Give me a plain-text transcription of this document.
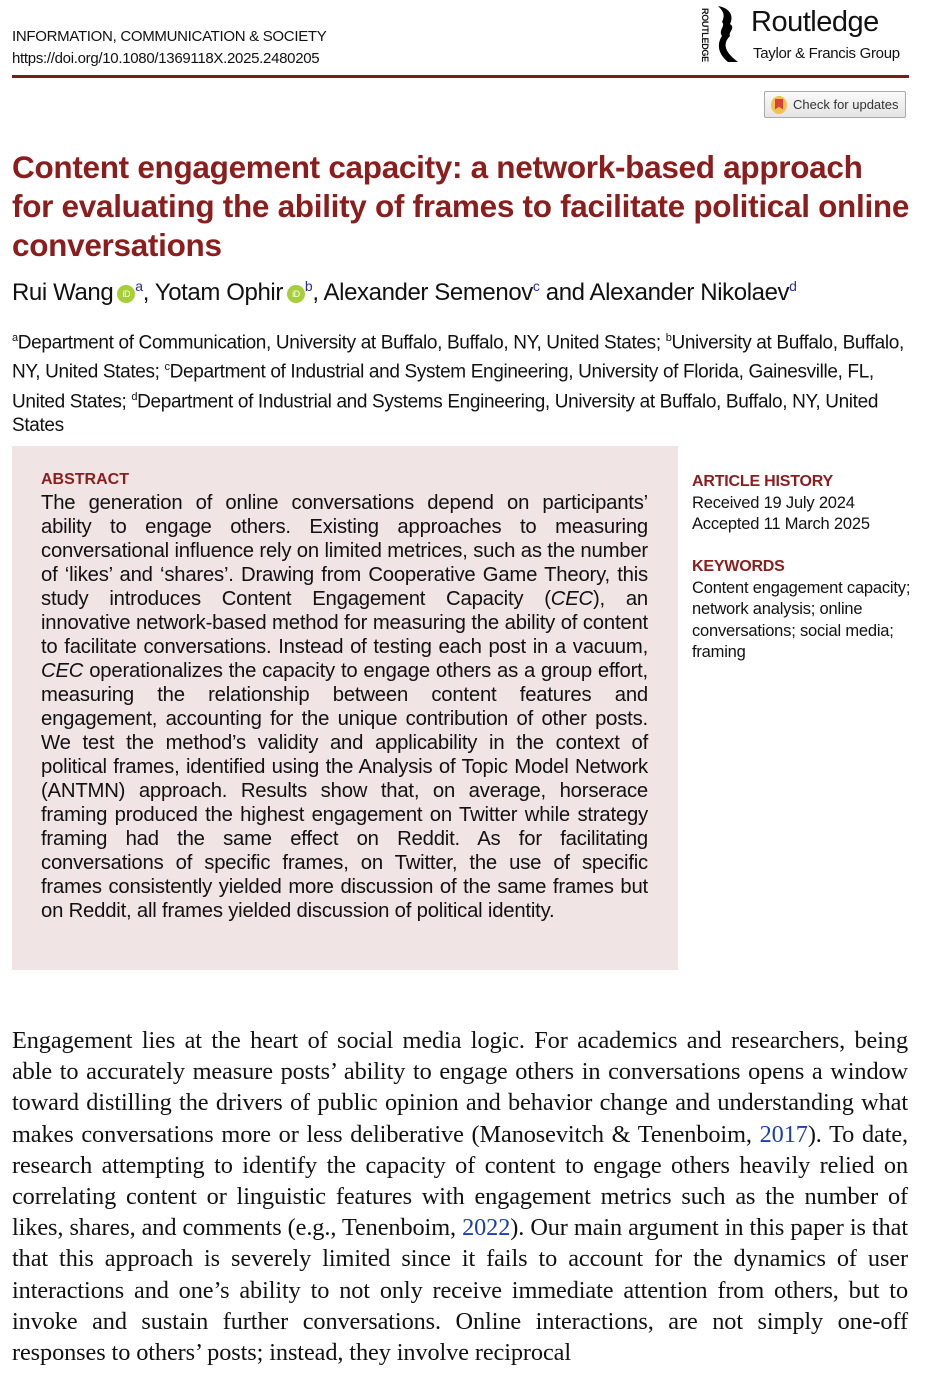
INFORMATION, COMMUNICATION & SOCIETY
https://doi.org/10.1080/1369118X.2025.2480205	ROUTLEDGE Routledge
Taylor & Francis Group
Check for updates
Content engagement capacity: a network-based approach for evaluating the ability of frames to facilitate political online conversations
Rui Wang iD $^a$, Yotam Ophir iD $^b$, Alexander Semenov$^c$ and Alexander Nikolaev$^d$
$^a$Department of Communication, University at Buffalo, Buffalo, NY, United States; $^b$University at Buffalo, Buffalo, NY, United States; $^c$Department of Industrial and System Engineering, University of Florida, Gainesville, FL, United States; $^d$Department of Industrial and Systems Engineering, University at Buffalo, Buffalo, NY, United States
ABSTRACT
The generation of online conversations depend on participants’ ability to engage others. Existing approaches to measuring conversational influence rely on limited metrices, such as the number of ‘likes’ and ‘shares’. Drawing from Cooperative Game Theory, this study introduces Content Engagement Capacity (CEC), an innovative network-based method for measuring the ability of content to facilitate conversations. Instead of testing each post in a vacuum, CEC operationalizes the capacity to engage others as a group effort, measuring the relationship between content features and engagement, accounting for the unique contribution of other posts. We test the method’s validity and applicability in the context of political frames, identified using the Analysis of Topic Model Network (ANTMN) approach. Results show that, on average, horserace framing produced the highest engagement on Twitter while strategy framing had the same effect on Reddit. As for facilitating conversations of specific frames, on Twitter, the use of specific frames consistently yielded more discussion of the same frames but on Reddit, all frames yielded discussion of political identity.
ARTICLE HISTORY
Received 19 July 2024
Accepted 11 March 2025
KEYWORDS
Content engagement capacity; network analysis; online conversations; social media; framing
Engagement lies at the heart of social media logic. For academics and researchers, being able to accurately measure posts’ ability to engage others in conversations opens a window toward distilling the drivers of public opinion and behavior change and understanding what makes conversations more or less deliberative (Manosevitch & Tenenboim, 2017). To date, research attempting to identify the capacity of content to engage others heavily relied on correlating content or linguistic features with engagement metrics such as the number of likes, shares, and comments (e.g., Tenenboim, 2022). Our main argument in this paper is that that this approach is severely limited since it fails to account for the dynamics of user interactions and one’s ability to not only receive immediate attention from others, but to invoke and sustain further conversations. Online interactions, are not simply one-off responses to others’ posts; instead, they involve reciprocal
